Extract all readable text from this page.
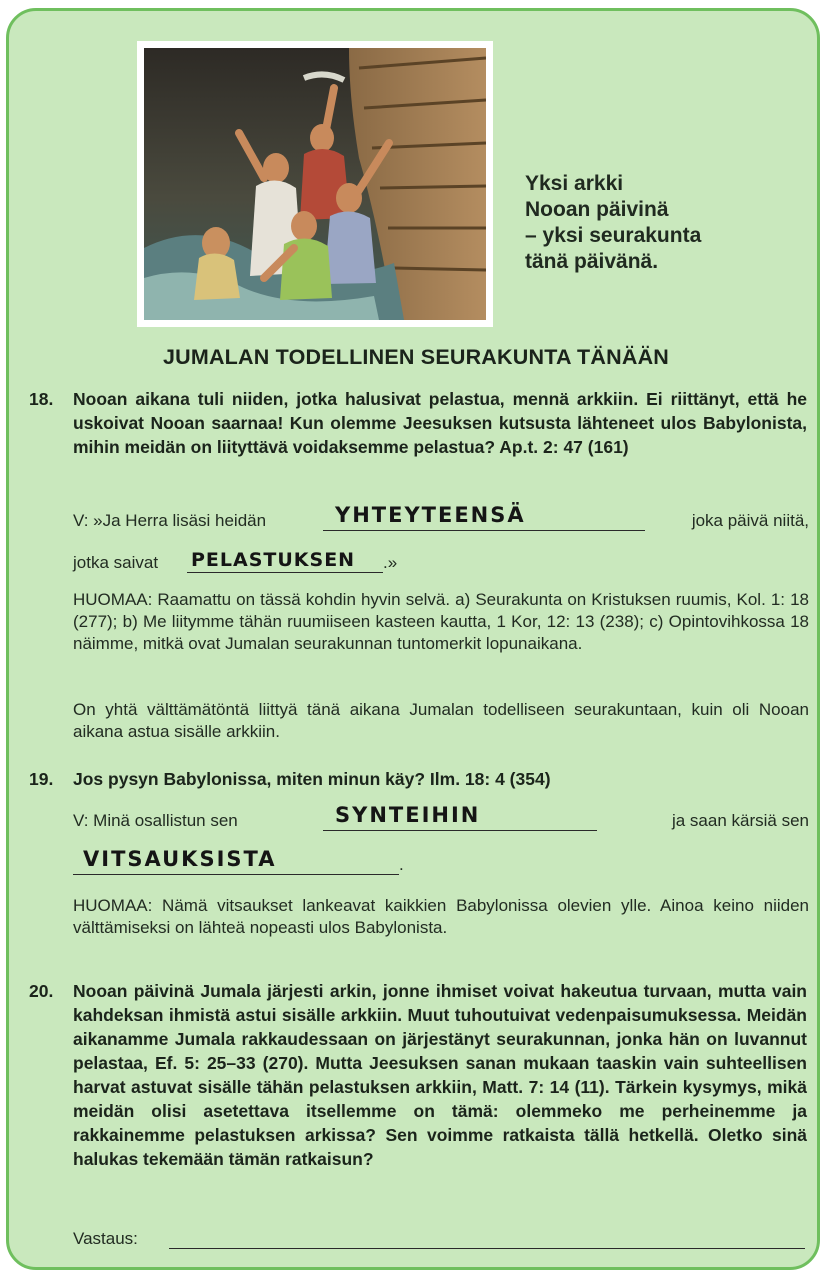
Yksi arkki
Nooan päivinä
– yksi seurakunta
tänä päivänä.
JUMALAN TODELLINEN SEURAKUNTA TÄNÄÄN
18. Nooan aikana tuli niiden, jotka halusivat pelastua, mennä arkkiin. Ei riittänyt, että he uskoivat Nooan saarnaa! Kun olemme Jeesuksen kutsusta lähteneet ulos Babylonista, mihin meidän on liityttävä voidaksemme pelastua? Ap.t. 2: 47 (161)
V: »Ja Herra lisäsi heidän	YHTEYTEENSÄ	joka päivä niitä,
jotka saivat PELASTUKSEN .»
HUOMAA: Raamattu on tässä kohdin hyvin selvä. a) Seurakunta on Kristuksen ruumis, Kol. 1: 18 (277); b) Me liitymme tähän ruumiiseen kasteen kautta, 1 Kor, 12: 13 (238); c) Opintovihkossa 18 näimme, mitkä ovat Jumalan seurakunnan tuntomerkit lopunaikana.
On yhtä välttämätöntä liittyä tänä aikana Jumalan todelliseen seurakuntaan, kuin oli Nooan aikana astua sisälle arkkiin.
19. Jos pysyn Babylonissa, miten minun käy? Ilm. 18: 4 (354)
V: Minä osallistun sen	SYNTEIHIN	ja saan kärsiä sen
VITSAUKSISTA	.
HUOMAA: Nämä vitsaukset lankeavat kaikkien Babylonissa olevien ylle. Ainoa keino niiden välttämiseksi on lähteä nopeasti ulos Babylonista.
20. Nooan päivinä Jumala järjesti arkin, jonne ihmiset voivat hakeutua turvaan, mutta vain kahdeksan ihmistä astui sisälle arkkiin. Muut tuhoutuivat vedenpaisumuksessa. Meidän aikanamme Jumala rakkaudessaan on järjestänyt seurakunnan, jonka hän on luvannut pelastaa, Ef. 5: 25–33 (270). Mutta Jeesuksen sanan mukaan taaskin vain suhteellisen harvat astuvat sisälle tähän pelastuksen arkkiin, Matt. 7: 14 (11). Tärkein kysymys, mikä meidän olisi asetettava itsellemme on tämä: olemmeko me perheinemme ja rakkainemme pelastuksen arkissa? Sen voimme ratkaista tällä hetkellä. Oletko sinä halukas tekemään tämän ratkaisun?
Vastaus:
